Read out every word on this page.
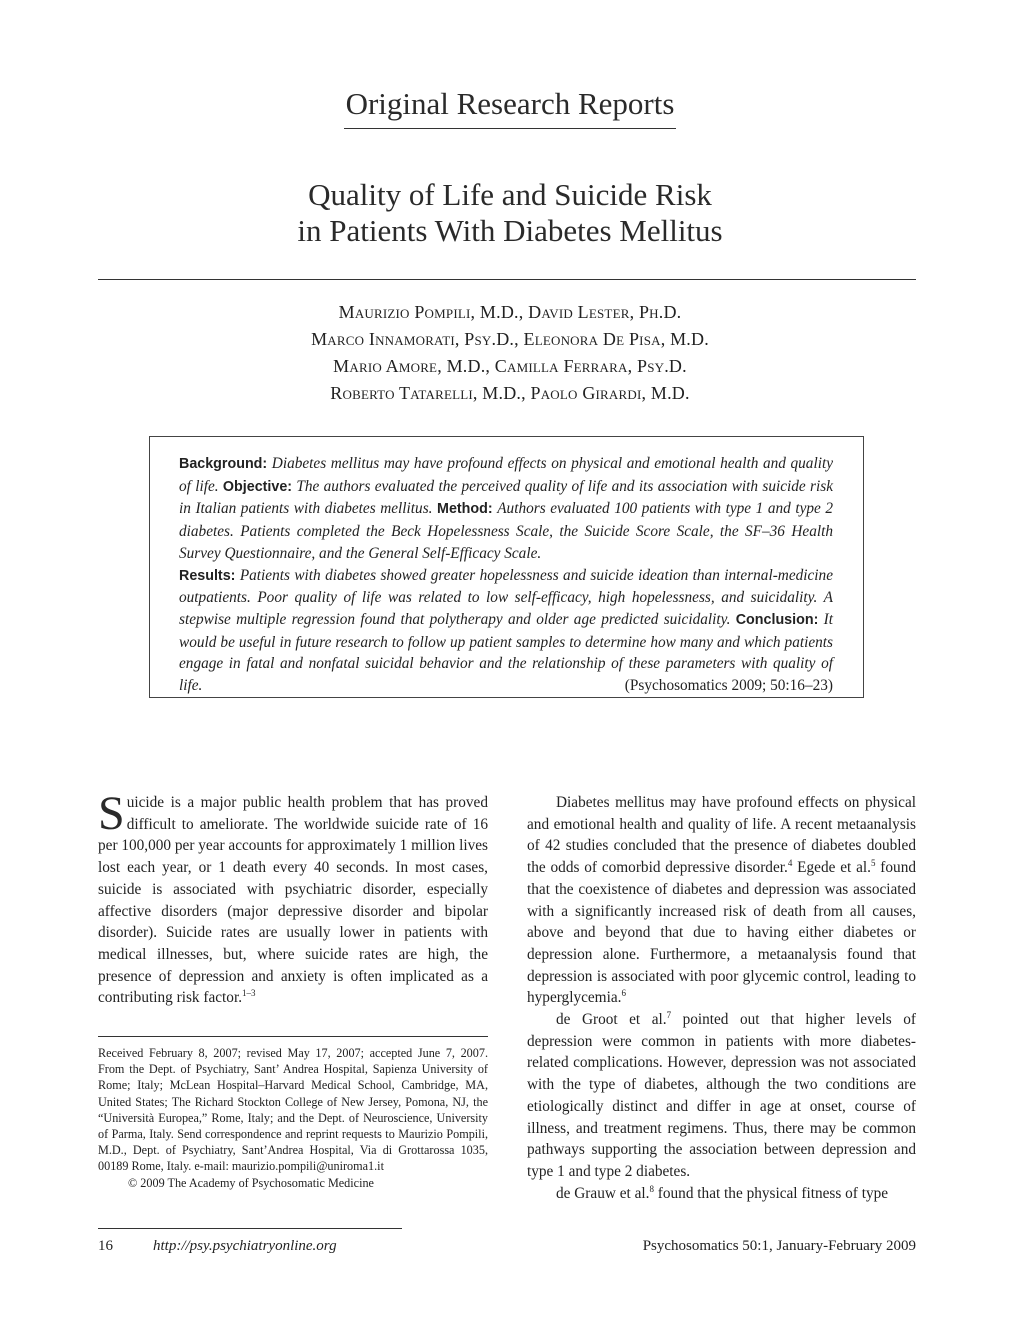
Original Research Reports
Quality of Life and Suicide Risk
in Patients With Diabetes Mellitus
Maurizio Pompili, M.D., David Lester, Ph.D.
Marco Innamorati, Psy.D., Eleonora De Pisa, M.D.
Mario Amore, M.D., Camilla Ferrara, Psy.D.
Roberto Tatarelli, M.D., Paolo Girardi, M.D.
Background: Diabetes mellitus may have profound effects on physical and emotional health and quality of life. Objective: The authors evaluated the perceived quality of life and its association with suicide risk in Italian patients with diabetes mellitus. Method: Authors evaluated 100 patients with type 1 and type 2 diabetes. Patients completed the Beck Hopelessness Scale, the Suicide Score Scale, the SF–36 Health Survey Questionnaire, and the General Self-Efficacy Scale.
Results: Patients with diabetes showed greater hopelessness and suicide ideation than internal-medicine outpatients. Poor quality of life was related to low self-efficacy, high hopelessness, and suicidality. A stepwise multiple regression found that polytherapy and older age predicted suicidality. Conclusion: It would be useful in future research to follow up patient samples to determine how many and which patients engage in fatal and nonfatal suicidal behavior and the relationship of these parameters with quality of life.	(Psychosomatics 2009; 50:16–23)

Suicide is a major public health problem that has proved difficult to ameliorate. The worldwide suicide rate of 16 per 100,000 per year accounts for approximately 1 million lives lost each year, or 1 death every 40 seconds. In most cases, suicide is associated with psychiatric disorder, especially affective disorders (major depressive disorder and bipolar disorder). Suicide rates are usually lower in patients with medical illnesses, but, where suicide rates are high, the presence of depression and anxiety is often implicated as a contributing risk factor.$^{1-3}$

Received February 8, 2007; revised May 17, 2007; accepted June 7, 2007. From the Dept. of Psychiatry, Sant’ Andrea Hospital, Sapienza University of Rome; Italy; McLean Hospital–Harvard Medical School, Cambridge, MA, United States; The Richard Stockton College of New Jersey, Pomona, NJ, the “Università Europea,” Rome, Italy; and the Dept. of Neuroscience, University of Parma, Italy. Send correspondence and reprint requests to Maurizio Pompili, M.D., Dept. of Psychiatry, Sant’Andrea Hospital, Via di Grottarossa 1035, 00189 Rome, Italy. e-mail: maurizio.pompili@uniroma1.it

© 2009 The Academy of Psychosomatic Medicine

Diabetes mellitus may have profound effects on physical and emotional health and quality of life. A recent metaanalysis of 42 studies concluded that the presence of diabetes doubled the odds of comorbid depressive disorder.$^4$ Egede et al.$^5$ found that the coexistence of diabetes and depression was associated with a significantly increased risk of death from all causes, above and beyond that due to having either diabetes or depression alone. Furthermore, a metaanalysis found that depression is associated with poor glycemic control, leading to hyperglycemia.$^6$

de Groot et al.$^7$ pointed out that higher levels of depression were common in patients with more diabetes-related complications. However, depression was not associated with the type of diabetes, although the two conditions are etiologically distinct and differ in age at onset, course of illness, and treatment regimens. Thus, there may be common pathways supporting the association between depression and type 1 and type 2 diabetes.

de Grauw et al.$^8$ found that the physical fitness of type

16	http://psy.psychiatryonline.org	Psychosomatics 50:1, January-February 2009
